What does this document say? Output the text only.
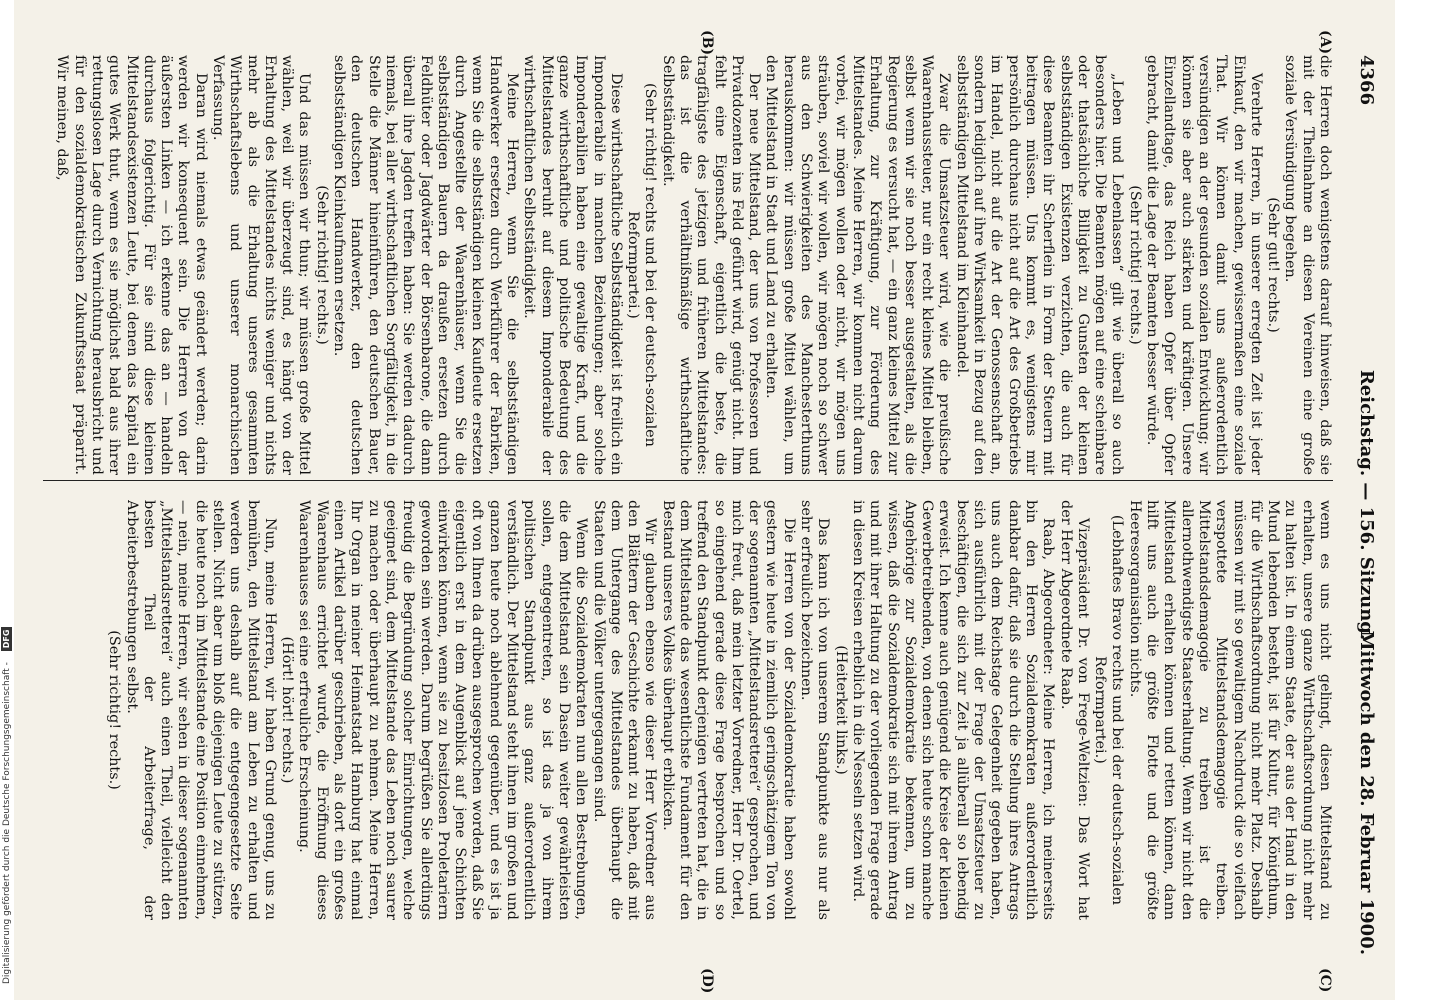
4366
Reichstag. — 156. Sitzung.
Mittwoch den 28. Februar 1900.
(A)
(B)
(C)
(D)

die Herren doch wenigstens darauf hinweisen, daß sie mit der Theilnahme an diesen Vereinen eine große soziale Versündigung begehen.

(Sehr gut! rechts.)

Verehrte Herren, in unserer erregten Zeit ist jeder Einkauf, den wir machen, gewissermaßen eine soziale That. Wir können damit uns außerordentlich versündigen an der gesunden sozialen Entwicklung; wir können sie aber auch stärken und kräftigen. Unsere Einzellandtage, das Reich haben Opfer über Opfer gebracht, damit die Lage der Beamten besser würde.

(Sehr richtig! rechts.)

„Leben und Lebenlassen“ gilt wie überall so auch besonders hier. Die Beamten mögen auf eine scheinbare oder thatsächliche Billigkeit zu Gunsten der kleinen selbstständigen Existenzen verzichten, die auch für diese Beamten ihr Scherflein in Form der Steuern mit beitragen müssen. Uns kommt es, wenigstens mir persönlich durchaus nicht auf die Art des Großbetriebs im Handel, nicht auf die Art der Genossenschaft an, sondern lediglich auf ihre Wirksamkeit in Bezug auf den selbstständigen Mittelstand im Kleinhandel.

Zwar die Umsatzsteuer wird, wie die preußische Waarenhaussteuer, nur ein recht kleines Mittel bleiben, selbst wenn wir sie noch besser ausgestalten, als die Regierung es versucht hat, — ein ganz kleines Mittel zur Erhaltung, zur Kräftigung, zur Förderung des Mittelstandes. Meine Herren, wir kommen nicht darum vorbei, wir mögen wollen oder nicht, wir mögen uns sträuben, soviel wir wollen, wir mögen noch so schwer aus den Schwierigkeiten des Manchesterthums herauskommen: wir müssen große Mittel wählen, um den Mittelstand in Stadt und Land zu erhalten.

Der neue Mittelstand, der uns von Professoren und Privatdozenten ins Feld geführt wird, genügt nicht. Ihm fehlt eine Eigenschaft, eigentlich die beste, die tragfähigste des jetzigen und früheren Mittelstandes: das ist die verhältnißmäßige wirthschaftliche Selbstständigkeit.

(Sehr richtig! rechts und bei der deutsch-sozialen Reformpartei.)

Diese wirthschaftliche Selbstständigkeit ist freilich ein Imponderabile in manchen Beziehungen; aber solche Imponderabilien haben eine gewaltige Kraft, und die ganze wirthschaftliche und politische Bedeutung des Mittelstandes beruht auf diesem Imponderabile der wirthschaftlichen Selbstständigkeit.

Meine Herren, wenn Sie die selbstständigen Handwerker ersetzen durch Werkführer der Fabriken, wenn Sie die selbstständigen kleinen Kaufleute ersetzen durch Angestellte der Waarenhäuser, wenn Sie die selbstständigen Bauern da draußen ersetzen durch Feldhüter oder Jagdwärter der Börsenbarone, die dann überall ihre Jagden treffen haben: Sie werden dadurch niemals, bei aller wirthschaftlichen Sorgfältigkeit, in die Stelle die Männer hineinführen, den deutschen Bauer, den deutschen Handwerker, den deutschen selbstständigen Kleinkaufmann ersetzen.

(Sehr richtig! rechts.)

Und das müssen wir thun; wir müssen große Mittel wählen, weil wir überzeugt sind, es hängt von der Erhaltung des Mittelstandes nichts weniger und nichts mehr ab als die Erhaltung unseres gesammten Wirthschaftslebens und unserer monarchischen Verfassung.

Daran wird niemals etwas geändert werden; darin werden wir konsequent sein. Die Herren von der äußersten Linken — ich erkenne das an — handeln durchaus folgerichtig. Für sie sind diese kleinen Mittelstandsexistenzen Leute, bei denen das Kapital ein gutes Werk thut, wenn es sie möglichst bald aus ihrer rettungslosen Lage durch Vernichtung herausbricht und für den sozialdemokratischen Zukunftsstaat präparirt. Wir meinen, daß,

wenn es uns nicht gelingt, diesen Mittelstand zu erhalten, unsere ganze Wirthschaftsordnung nicht mehr zu halten ist. In einem Staate, der aus der Hand in den Mund lebenden besteht, ist für Kultur, für Königthum, für die Wirthschaftsordnung nicht mehr Platz. Deshalb müssen wir mit so gewaltigem Nachdruck die so vielfach verspottete Mittelstandsdemagogie treiben. Mittelstandsdemagogie zu treiben ist die allernothwendigste Staatserhaltung. Wenn wir nicht den Mittelstand erhalten können und retten können, dann hilft uns auch die größte Flotte und die größte Heeresorganisation nichts.

(Lebhaftes Bravo rechts und bei der deutsch-sozialen Reformpartei.)

Vizepräsident Dr. von Frege-Weltzien: Das Wort hat der Herr Abgeordnete Raab.

Raab, Abgeordneter: Meine Herren, ich meinerseits bin den Herren Sozialdemokraten außerordentlich dankbar dafür, daß sie durch die Stellung ihres Antrags uns auch dem Reichstage Gelegenheit gegeben haben, sich ausführlich mit der Frage der Umsatzsteuer zu beschäftigen, die sich zur Zeit ja allüberall so lebendig erweist. Ich kenne auch genügend die Kreise der kleinen Gewerbetreibenden, von denen sich heute schon manche Angehörige zur Sozialdemokratie bekennen, um zu wissen, daß die Sozialdemokratie sich mit ihrem Antrag und mit ihrer Haltung zu der vorliegenden Frage gerade in diesen Kreisen erheblich in die Nesseln setzen wird.

(Heiterkeit links.)

Das kann ich von unserem Standpunkte aus nur als sehr erfreulich bezeichnen.

Die Herren von der Sozialdemokratie haben sowohl gestern wie heute in ziemlich geringschätzigem Ton von der sogenannten „Mittelstandsretterei“ gesprochen, und mich freut, daß mein letzter Vorredner, Herr Dr. Oertel, so eingehend gerade diese Frage besprochen und so treffend den Standpunkt derjenigen vertreten hat, die in dem Mittelstande das wesentlichste Fundament für den Bestand unseres Volkes überhaupt erblicken.

Wir glauben ebenso wie dieser Herr Vorredner aus den Blättern der Geschichte erkannt zu haben, daß mit dem Untergange des Mittelstandes überhaupt die Staaten und die Völker untergegangen sind.

Wenn die Sozialdemokraten nun allen Bestrebungen, die dem Mittelstand sein Dasein weiter gewährleisten sollen, entgegentreten, so ist das ja von ihrem politischen Standpunkt aus ganz außerordentlich verständlich. Der Mittelstand steht ihnen im großen und ganzen heute noch ablehnend gegenüber, und es ist ja oft von Ihnen da drüben ausgesprochen worden, daß Sie eigentlich erst in dem Augenblick auf jene Schichten einwirken können, wenn sie zu besitzlosen Proletariern geworden sein werden. Darum begrüßen Sie allerdings freudig die Begründung solcher Einrichtungen, welche geeignet sind, dem Mittelstande das Leben noch saurer zu machen oder überhaupt zu nehmen. Meine Herren, Ihr Organ in meiner Heimatstadt Hamburg hat einmal einen Artikel darüber geschrieben, als dort ein großes Waarenhaus errichtet wurde, die Eröffnung dieses Waarenhauses sei eine erfreuliche Erscheinung.

(Hört! hört! rechts.)

Nun, meine Herren, wir haben Grund genug, uns zu bemühen, den Mittelstand am Leben zu erhalten und werden uns deshalb auf die entgegengesetzte Seite stellen. Nicht aber um bloß diejenigen Leute zu stützen, die heute noch im Mittelstande eine Position einnehmen, — nein, meine Herren, wir sehen in dieser sogenannten „Mittelstandsretterei“ auch einen Theil, vielleicht den besten Theil der Arbeiterfrage, der Arbeiterbestrebungen selbst.

(Sehr richtig! rechts.)

Digitalisierung gefördert durch die Deutsche Forschungsgemeinschaft - DFG
